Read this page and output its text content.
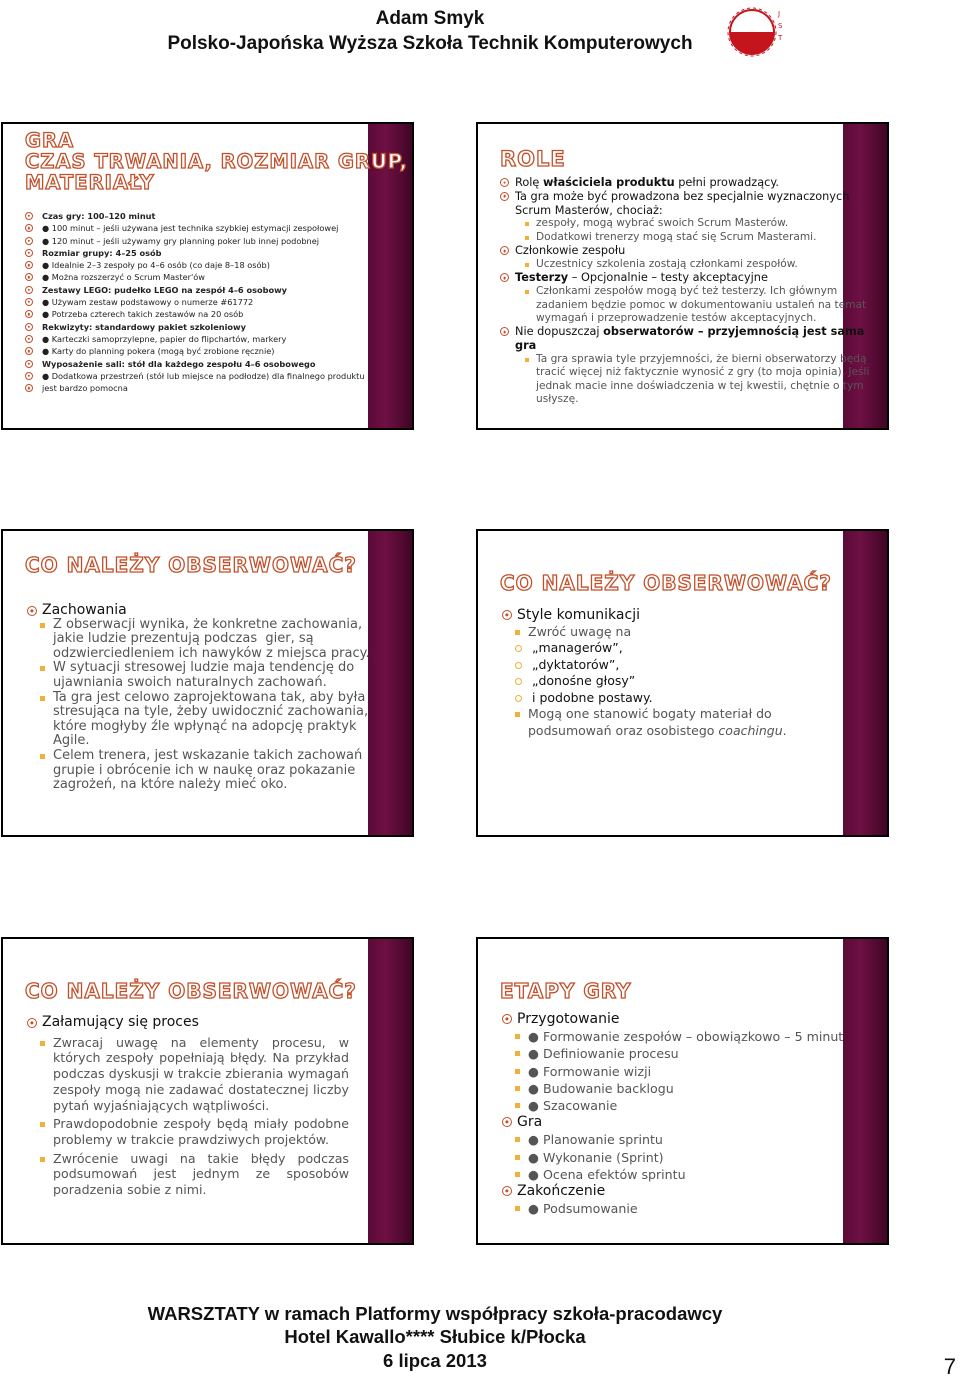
Adam Smyk
Polsko-Japońska Wyższa Szkoła Technik Komputerowych
J
S
T
GRA
CZAS TRWANIA, ROZMIAR GRUP,
MATERIAŁY
Czas gry: 100–120 minut
● 100 minut – jeśli używana jest technika szybkiej estymacji zespołowej
● 120 minut – jeśli używamy gry planning poker lub innej podobnej
Rozmiar grupy: 4–25 osób
● Idealnie 2–3 zespoły po 4–6 osób (co daje 8–18 osób)
● Można rozszerzyć o Scrum Master'ów
Zestawy LEGO: pudełko LEGO na zespół 4–6 osobowy
● Używam zestaw podstawowy o numerze #61772
● Potrzeba czterech takich zestawów na 20 osób
Rekwizyty: standardowy pakiet szkoleniowy
● Karteczki samoprzylepne, papier do flipchartów, markery
● Karty do planning pokera (mogą być zrobione ręcznie)
Wyposażenie sali: stół dla każdego zespołu 4–6 osobowego
● Dodatkowa przestrzeń (stół lub miejsce na podłodze) dla finalnego produktu
jest bardzo pomocna
ROLE
Rolę właściciela produktu pełni prowadzący.
Ta gra może być prowadzona bez specjalnie wyznaczonych
Scrum Masterów, chociaż:
zespoły, mogą wybrać swoich Scrum Masterów.
Dodatkowi trenerzy mogą stać się Scrum Masterami.
Członkowie zespołu
Uczestnicy szkolenia zostają członkami zespołów.
Testerzy – Opcjonalnie – testy akceptacyjne
Członkami zespołów mogą być też testerzy. Ich głównym
zadaniem będzie pomoc w dokumentowaniu ustaleń na temat
wymagań i przeprowadzenie testów akceptacyjnych.
Nie dopuszczaj obserwatorów – przyjemnością jest sama
gra
Ta gra sprawia tyle przyjemności, że bierni obserwatorzy będą
tracić więcej niż faktycznie wynosić z gry (to moja opinia). Jeśli
jednak macie inne doświadczenia w tej kwestii, chętnie o tym
usłyszę.
CO NALEŻY OBSERWOWAĆ?
Zachowania
Z obserwacji wynika, że konkretne zachowania,
jakie ludzie prezentują podczas  gier, są
odzwierciedleniem ich nawyków z miejsca pracy.
W sytuacji stresowej ludzie maja tendencję do
ujawniania swoich naturalnych zachowań.
Ta gra jest celowo zaprojektowana tak, aby była
stresująca na tyle, żeby uwidocznić zachowania,
które mogłyby źle wpłynąć na adopcję praktyk
Agile.
Celem trenera, jest wskazanie takich zachowań
grupie i obrócenie ich w naukę oraz pokazanie
zagrożeń, na które należy mieć oko.
CO NALEŻY OBSERWOWAĆ?
Style komunikacji
Zwróć uwagę na
„managerów”,
„dyktatorów”,
„donośne głosy”
i podobne postawy.
Mogą one stanowić bogaty materiał do
podsumowań oraz osobistego coachingu.
CO NALEŻY OBSERWOWAĆ?
Załamujący się proces
Zwracaj uwagę na elementy procesu, w których zespoły popełniają błędy. Na przykład podczas dyskusji w trakcie zbierania wymagań zespoły mogą nie zadawać dostatecznej liczby pytań wyjaśniających wątpliwości.
Prawdopodobnie zespoły będą miały podobne problemy w trakcie prawdziwych projektów.
Zwrócenie uwagi na takie błędy podczas podsumowań jest jednym ze sposobów poradzenia sobie z nimi.
ETAPY GRY
Przygotowanie
● Formowanie zespołów – obowiązkowo – 5 minut
● Definiowanie procesu
● Formowanie wizji
● Budowanie backlogu
● Szacowanie
Gra
● Planowanie sprintu
● Wykonanie (Sprint)
● Ocena efektów sprintu
Zakończenie
● Podsumowanie
WARSZTATY w ramach Platformy współpracy szkoła-pracodawcy
Hotel Kawallo**** Słubice k/Płocka
6 lipca 2013	7
